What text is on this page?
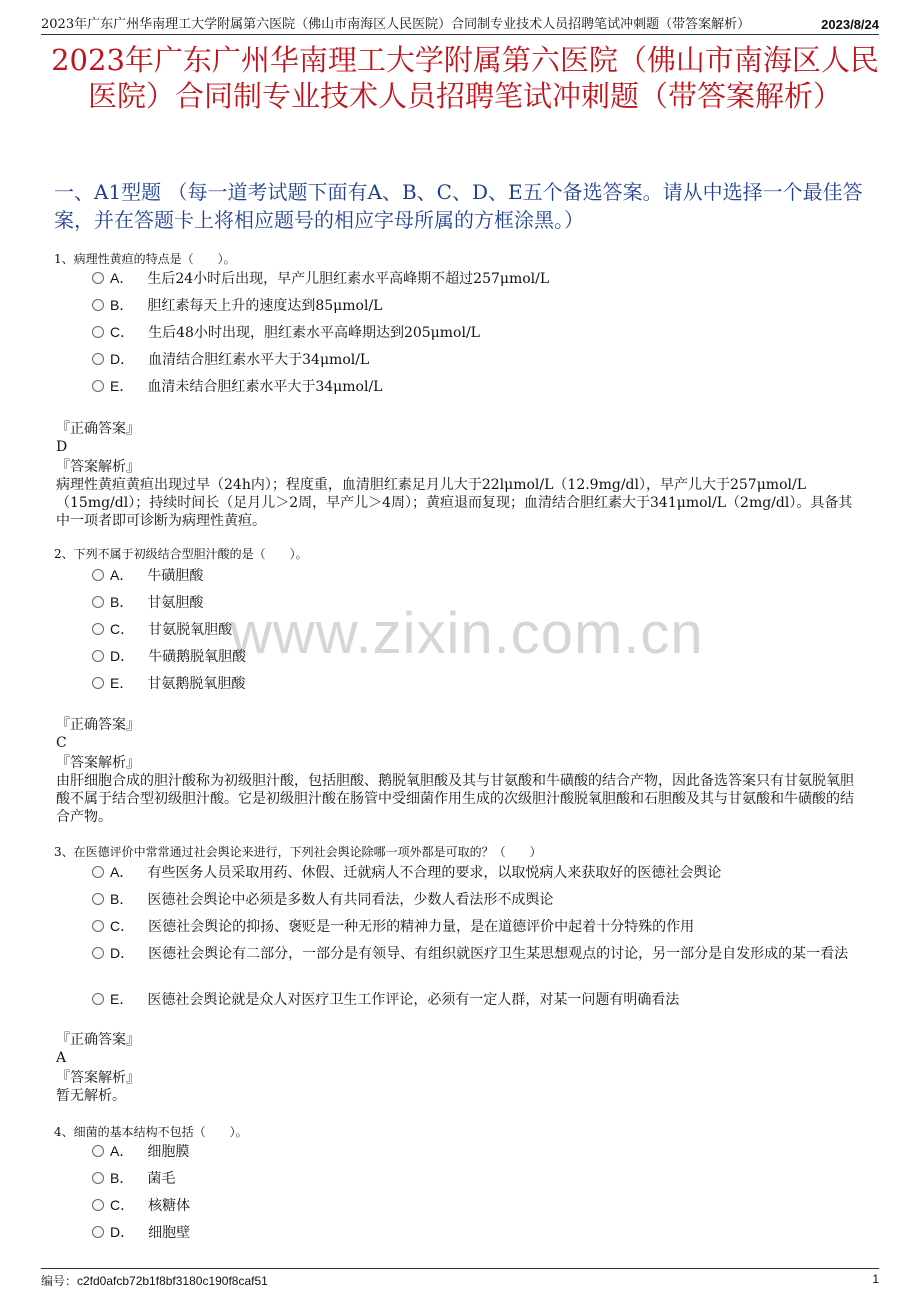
2023年广东广州华南理工大学附属第六医院（佛山市南海区人民医院）合同制专业技术人员招聘笔试冲刺题（带答案解析）	2023/8/24
2023年广东广州华南理工大学附属第六医院（佛山市南海区人民医院）合同制专业技术人员招聘笔试冲刺题（带答案解析）
一、A1型题 （每一道考试题下面有A、B、C、D、E五个备选答案。请从中选择一个最佳答案，并在答题卡上将相应题号的相应字母所属的方框涂黑。）
www.zixin.com.cn
1、病理性黄疸的特点是（　　）。
A． 生后24小时后出现，早产儿胆红素水平高峰期不超过257μmol/L
B． 胆红素每天上升的速度达到85μmol/L
C． 生后48小时出现，胆红素水平高峰期达到205μmol/L
D． 血清结合胆红素水平大于34μmol/L
E． 血清未结合胆红素水平大于34μmol/L
『正确答案』
D
『答案解析』
病理性黄疸黄疸出现过早（24h内）；程度重，血清胆红素足月儿大于22lμmol/L（12.9mg/dl），早产儿大于257μmol/L（15mg/dl）；持续时间长（足月儿＞2周，早产儿＞4周）；黄疸退而复现；血清结合胆红素大于341μmol/L（2mg/dl）。具备其中一项者即可诊断为病理性黄疸。
2、下列不属于初级结合型胆汁酸的是（　　）。
A． 牛磺胆酸
B． 甘氨胆酸
C． 甘氨脱氧胆酸
D． 牛磺鹅脱氧胆酸
E． 甘氨鹅脱氧胆酸
『正确答案』
C
『答案解析』
由肝细胞合成的胆汁酸称为初级胆汁酸，包括胆酸、鹅脱氧胆酸及其与甘氨酸和牛磺酸的结合产物，因此备选答案只有甘氨脱氧胆酸不属于结合型初级胆汁酸。它是初级胆汁酸在肠管中受细菌作用生成的次级胆汁酸脱氧胆酸和石胆酸及其与甘氨酸和牛磺酸的结合产物。
3、在医德评价中常常通过社会舆论来进行，下列社会舆论除哪一项外都是可取的？（　　）
A． 有些医务人员采取用药、休假、迁就病人不合理的要求，以取悦病人来获取好的医德社会舆论
B． 医德社会舆论中必须是多数人有共同看法，少数人看法形不成舆论
C． 医德社会舆论的抑扬、褒贬是一种无形的精神力量，是在道德评价中起着十分特殊的作用
D． 医德社会舆论有二部分，一部分是有领导、有组织就医疗卫生某思想观点的讨论，另一部分是自发形成的某一看法
E． 医德社会舆论就是众人对医疗卫生工作评论，必须有一定人群，对某一问题有明确看法
『正确答案』
A
『答案解析』
暂无解析。
4、细菌的基本结构不包括（　　）。
A． 细胞膜
B． 菌毛
C． 核糖体
D． 细胞壁
编号：c2fd0afcb72b1f8bf3180c190f8caf51	1
